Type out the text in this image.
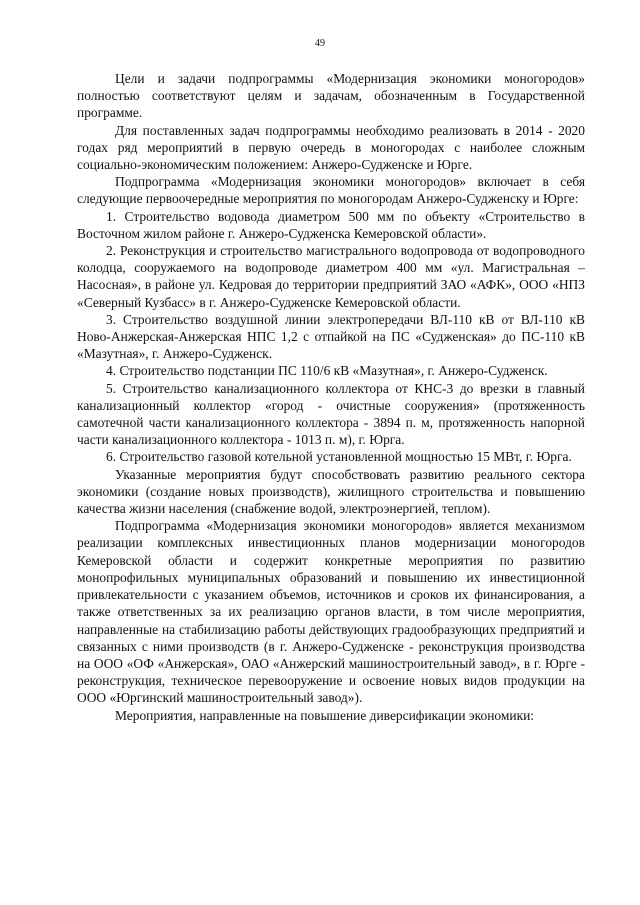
49

Цели и задачи подпрограммы «Модернизация экономики моногородов» полностью соответствуют целям и задачам, обозначенным в Государственной программе.

Для поставленных задач подпрограммы необходимо реализовать в 2014 - 2020 годах ряд мероприятий в первую очередь в моногородах с наиболее сложным социально-экономическим положением: Анжеро-Судженске и Юрге.

Подпрограмма «Модернизация экономики моногородов» включает в себя следующие первоочередные мероприятия по моногородам Анжеро-Судженску и Юрге:

1. Строительство водовода диаметром 500 мм по объекту «Строительство в Восточном жилом районе г. Анжеро-Судженска Кемеровской области».

2. Реконструкция и строительство магистрального водопровода от водопроводного колодца, сооружаемого на водопроводе диаметром 400 мм «ул. Магистральная – Насосная», в районе ул. Кедровая до территории предприятий ЗАО «АФК», ООО «НПЗ «Северный Кузбасс» в г. Анжеро-Судженске Кемеровской области.

3. Строительство воздушной линии электропередачи ВЛ-110 кВ от ВЛ-110 кВ Ново-Анжерская-Анжерская НПС 1,2 с отпайкой на ПС «Судженская» до ПС-110 кВ «Мазутная», г. Анжеро-Судженск.

4. Строительство подстанции ПС 110/6 кВ «Мазутная», г. Анжеро-Судженск.

5. Строительство канализационного коллектора от КНС-3 до врезки в главный канализационный коллектор «город - очистные сооружения» (протяженность самотечной части канализационного коллектора - 3894 п. м, протяженность напорной части канализационного коллектора - 1013 п. м), г. Юрга.

6. Строительство газовой котельной установленной мощностью 15 МВт, г. Юрга.

Указанные мероприятия будут способствовать развитию реального сектора экономики (создание новых производств), жилищного строительства и повышению качества жизни населения (снабжение водой, электроэнергией, теплом).

Подпрограмма «Модернизация экономики моногородов» является механизмом реализации комплексных инвестиционных планов модернизации моногородов Кемеровской области и содержит конкретные мероприятия по развитию монопрофильных муниципальных образований и повышению их инвестиционной привлекательности с указанием объемов, источников и сроков их финансирования, а также ответственных за их реализацию органов власти, в том числе мероприятия, направленные на стабилизацию работы действующих градообразующих предприятий и связанных с ними производств (в г. Анжеро-Судженске - реконструкция производства на ООО «ОФ «Анжерская», ОАО «Анжерский машиностроительный завод», в г. Юрге - реконструкция, техническое перевооружение и освоение новых видов продукции на ООО «Юргинский машиностроительный завод»).

Мероприятия, направленные на повышение диверсификации экономики:
